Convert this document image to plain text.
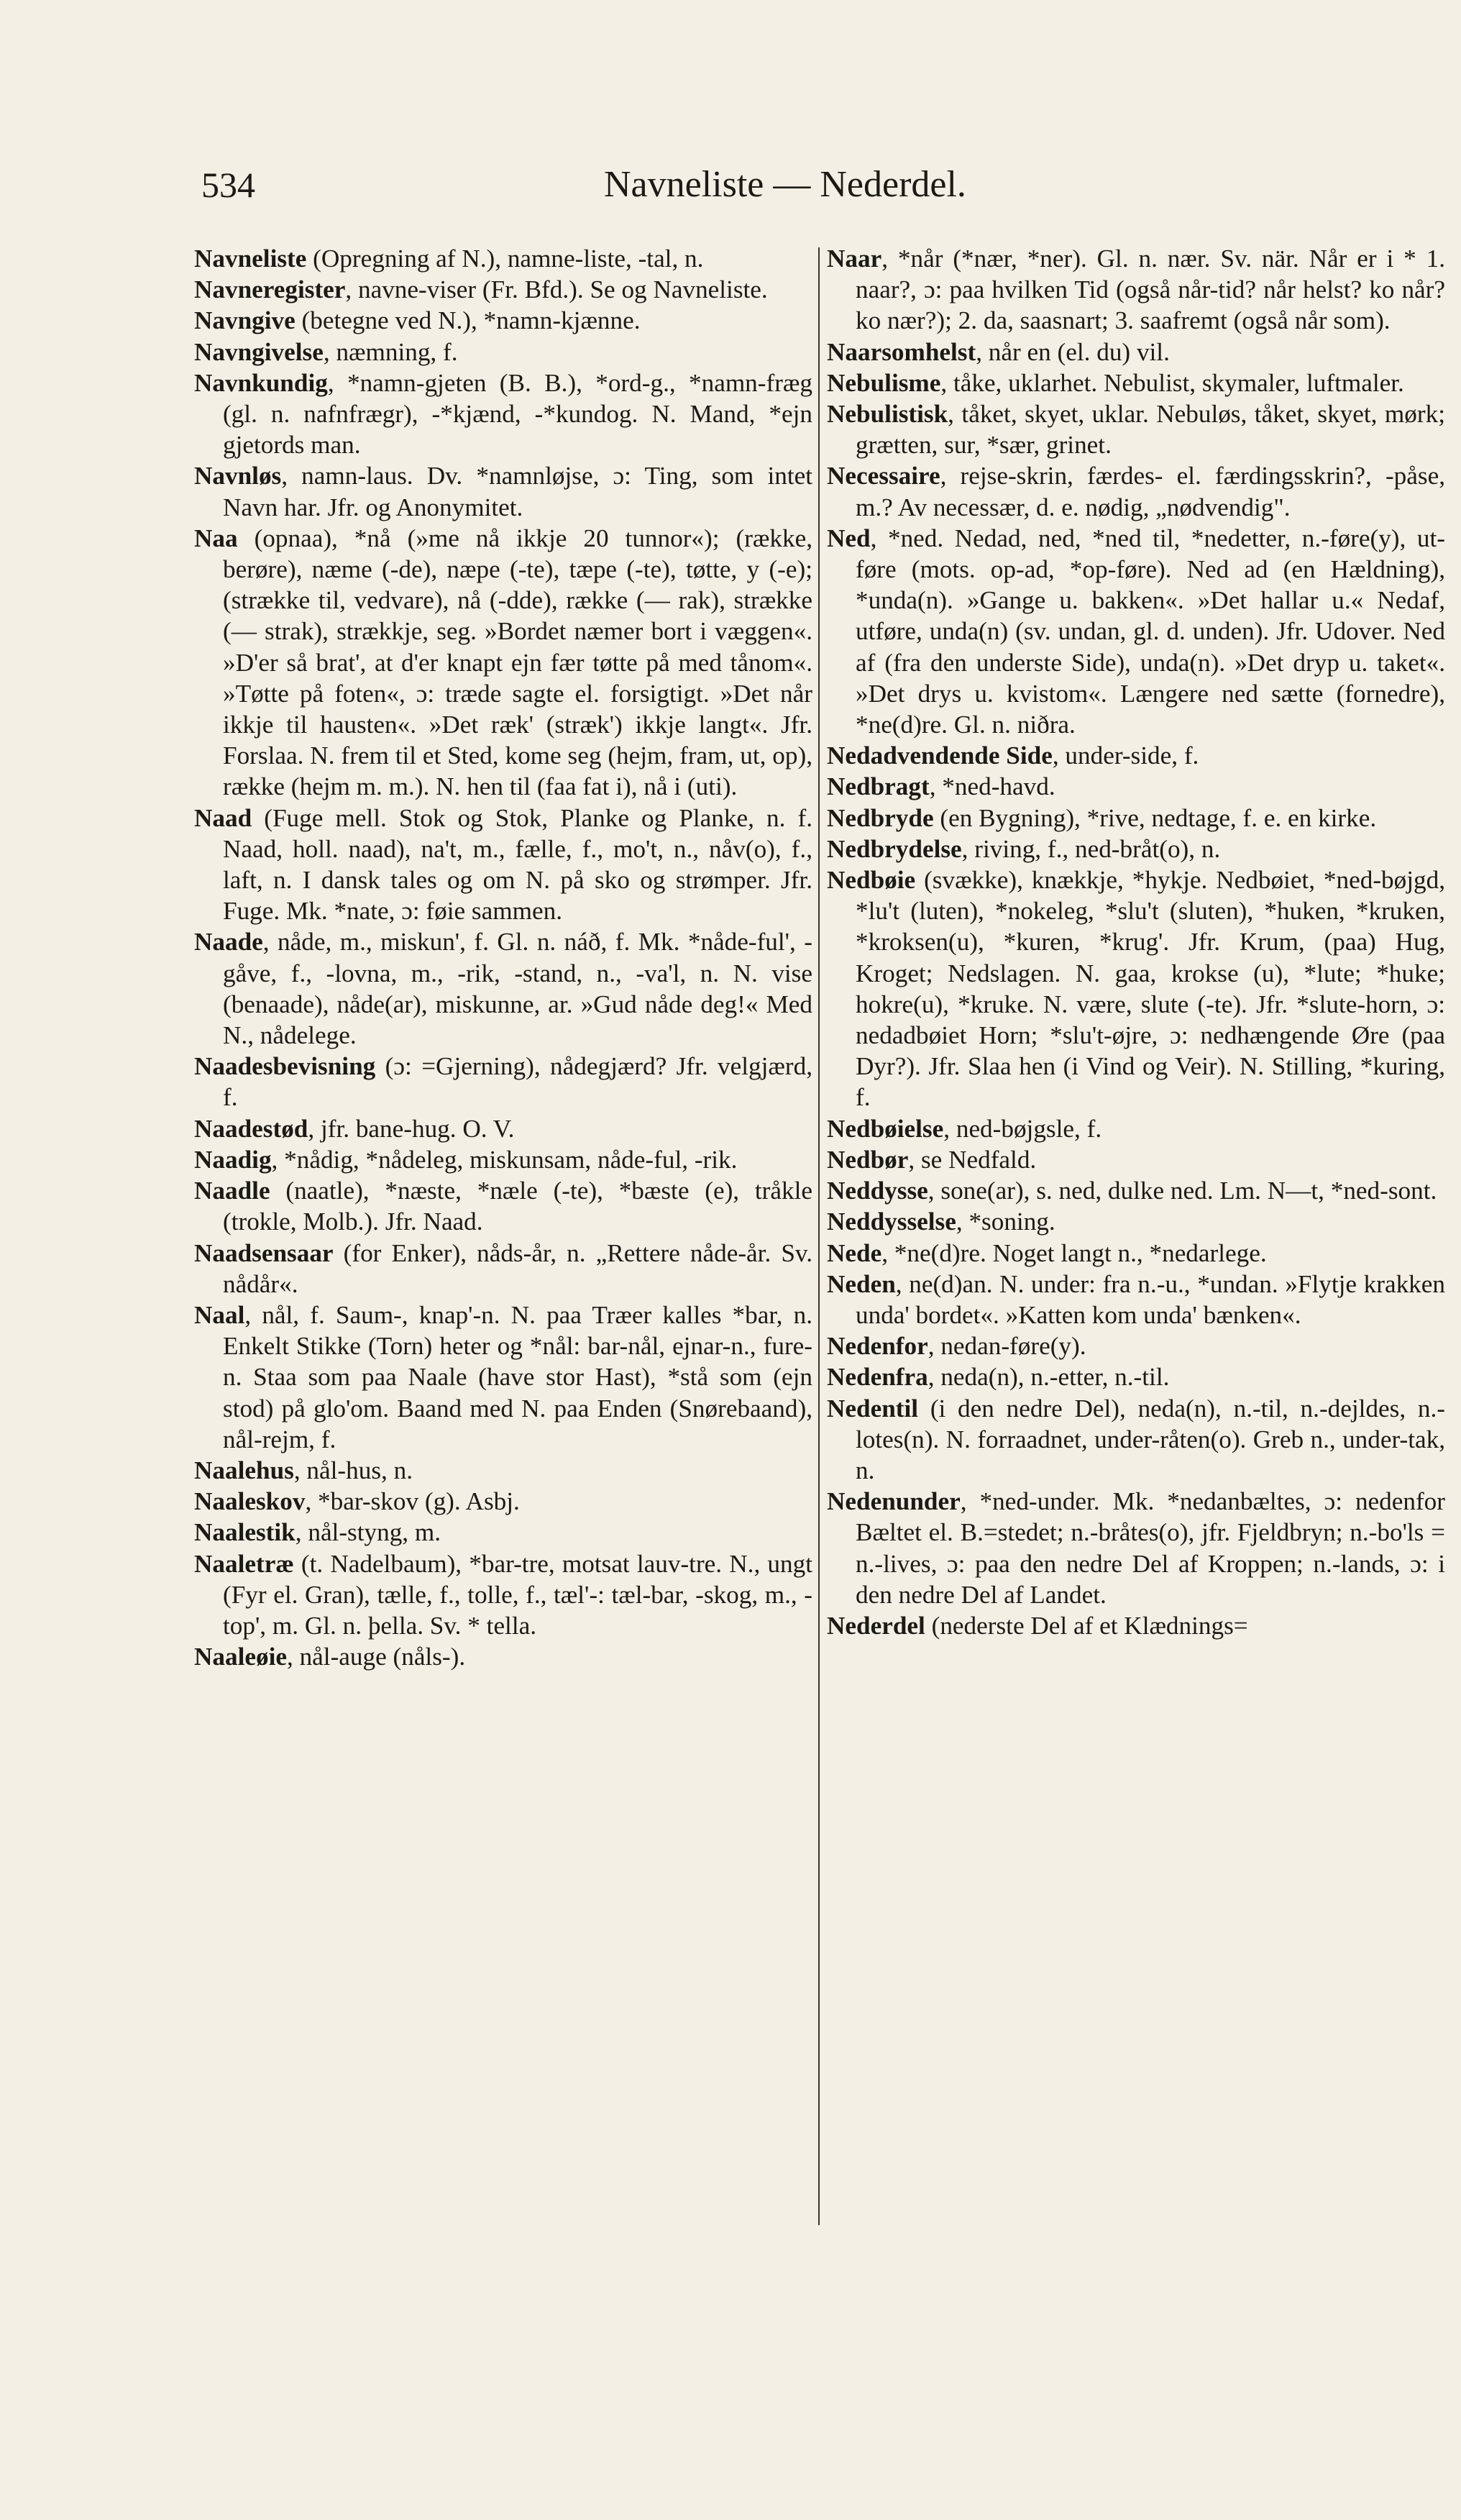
534	Navneliste — Nederdel.

Navneliste (Opregning af N.), namne-liste, -tal, n.

Navneregister, navne-viser (Fr. Bfd.). Se og Navneliste.

Navngive (betegne ved N.), *namn-kjænne.

Navngivelse, næmning, f.

Navnkundig, *namn-gjeten (B. B.), *ord-g., *namn-fræg (gl. n. nafnfrægr), -*kjænd, -*kundog. N. Mand, *ejn gjetords man.

Navnløs, namn-laus. Dv. *namnløjse, ɔ: Ting, som intet Navn har. Jfr. og Anonymitet.

Naa (opnaa), *nå (»me nå ikkje 20 tunnor«); (række, berøre), næme (-de), næpe (-te), tæpe (-te), tøtte, y (-e); (strække til, vedvare), nå (-dde), række (— rak), strække (— strak), strækkje, seg. »Bordet næmer bort i væggen«. »D'er så brat', at d'er knapt ejn fær tøtte på med tånom«. »Tøtte på foten«, ɔ: træde sagte el. forsigtigt. »Det når ikkje til hausten«. »Det ræk' (stræk') ikkje langt«. Jfr. Forslaa. N. frem til et Sted, kome seg (hejm, fram, ut, op), række (hejm m. m.). N. hen til (faa fat i), nå i (uti).

Naad (Fuge mell. Stok og Stok, Planke og Planke, n. f. Naad, holl. naad), na't, m., fælle, f., mo't, n., nåv(o), f., laft, n. I dansk tales og om N. på sko og strømper. Jfr. Fuge. Mk. *nate, ɔ: føie sammen.

Naade, nåde, m., miskun', f. Gl. n. náð, f. Mk. *nåde-ful', -gåve, f., -lovna, m., -rik, -stand, n., -va'l, n. N. vise (benaade), nåde(ar), miskunne, ar. »Gud nåde deg!« Med N., nådelege.

Naadesbevisning (ɔ: =Gjerning), nådegjærd? Jfr. velgjærd, f.

Naadestød, jfr. bane-hug. O. V.

Naadig, *nådig, *nådeleg, miskunsam, nåde-ful, -rik.

Naadle (naatle), *næste, *næle (-te), *bæste (e), tråkle (trokle, Molb.). Jfr. Naad.

Naadsensaar (for Enker), nåds-år, n. „Rettere nåde-år. Sv. nådår«.

Naal, nål, f. Saum-, knap'-n. N. paa Træer kalles *bar, n. Enkelt Stikke (Torn) heter og *nål: bar-nål, ejnar-n., fure-n. Staa som paa Naale (have stor Hast), *stå som (ejn stod) på glo'om. Baand med N. paa Enden (Snørebaand), nål-rejm, f.

Naalehus, nål-hus, n.

Naaleskov, *bar-skov (g). Asbj.

Naalestik, nål-styng, m.

Naaletræ (t. Nadelbaum), *bar-tre, motsat lauv-tre. N., ungt (Fyr el. Gran), tælle, f., tolle, f., tæl'-: tæl-bar, -skog, m., -top', m. Gl. n. þella. Sv. * tella.

Naaleøie, nål-auge (nåls-).

Naar, *når (*nær, *ner). Gl. n. nær. Sv. när. Når er i * 1. naar?, ɔ: paa hvilken Tid (også når-tid? når helst? ko når? ko nær?); 2. da, saasnart; 3. saafremt (også når som).

Naarsomhelst, når en (el. du) vil.

Nebulisme, tåke, uklarhet. Nebulist, skymaler, luftmaler.

Nebulistisk, tåket, skyet, uklar. Nebuløs, tåket, skyet, mørk; grætten, sur, *sær, grinet.

Necessaire, rejse-skrin, færdes- el. færdingsskrin?, -påse, m.? Av necessær, d. e. nødig, „nødvendig".

Ned, *ned. Nedad, ned, *ned til, *nedetter, n.-føre(y), ut-føre (mots. op-ad, *op-føre). Ned ad (en Hældning), *unda(n). »Gange u. bakken«. »Det hallar u.« Nedaf, utføre, unda(n) (sv. undan, gl. d. unden). Jfr. Udover. Ned af (fra den underste Side), unda(n). »Det dryp u. taket«. »Det drys u. kvistom«. Længere ned sætte (fornedre), *ne(d)re. Gl. n. niðra.

Nedadvendende Side, under-side, f.

Nedbragt, *ned-havd.

Nedbryde (en Bygning), *rive, nedtage, f. e. en kirke.

Nedbrydelse, riving, f., ned-bråt(o), n.

Nedbøie (svække), knækkje, *hykje. Nedbøiet, *ned-bøjgd, *lu't (luten), *nokeleg, *slu't (sluten), *huken, *kruken, *kroksen(u), *kuren, *krug'. Jfr. Krum, (paa) Hug, Kroget; Nedslagen. N. gaa, krokse (u), *lute; *huke; hokre(u), *kruke. N. være, slute (-te). Jfr. *slute-horn, ɔ: nedadbøiet Horn; *slu't-øjre, ɔ: nedhængende Øre (paa Dyr?). Jfr. Slaa hen (i Vind og Veir). N. Stilling, *kuring, f.

Nedbøielse, ned-bøjgsle, f.

Nedbør, se Nedfald.

Neddysse, sone(ar), s. ned, dulke ned. Lm. N—t, *ned-sont.

Neddysselse, *soning.

Nede, *ne(d)re. Noget langt n., *nedarlege.

Neden, ne(d)an. N. under: fra n.-u., *undan. »Flytje krakken unda' bordet«. »Katten kom unda' bænken«.

Nedenfor, nedan-føre(y).

Nedenfra, neda(n), n.-etter, n.-til.

Nedentil (i den nedre Del), neda(n), n.-til, n.-dejldes, n.-lotes(n). N. forraadnet, under-råten(o). Greb n., under-tak, n.

Nedenunder, *ned-under. Mk. *nedanbæltes, ɔ: nedenfor Bæltet el. B.=stedet; n.-bråtes(o), jfr. Fjeldbryn; n.-bo'ls = n.-lives, ɔ: paa den nedre Del af Kroppen; n.-lands, ɔ: i den nedre Del af Landet.

Nederdel (nederste Del af et Klædnings=
